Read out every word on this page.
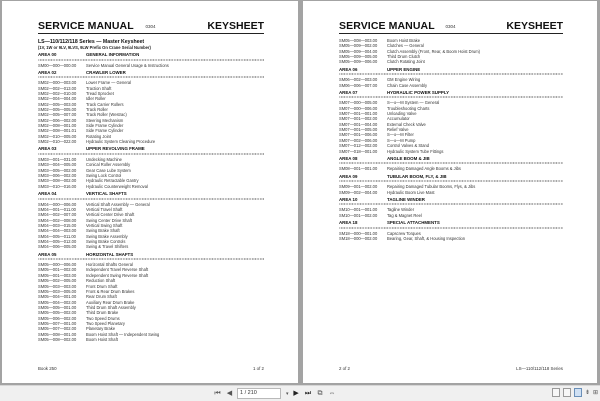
SERVICE MANUAL	0304	KEYSHEET
LS—110/112/118 Series — Master Keysheet
(1V, 1W or 9LV, 9LVS, 9LW Prefix On Crane Serial Number)
AREA 00	GENERAL INFORMATION
SM00—000—000.00	Service Manual General Usage & Instructions
AREA 02	CRAWLER LOWER
SM02—000—003.00	Lower Frame — General
SM02—002—013.00	Traction Shaft
SM02—002—010.00	Tread Sprocket
SM02—004—004.00	Idler Roller
SM02—005—003.00	Track Carrier Rollers
SM02—005—005.00	Track Roller
SM02—005—007.00	Track Roller (Westrac)
SM02—006—002.00	Steering Mechanism
SM02—008—001.00	Side Frame Cylinder
SM02—008—001.01	Side Frame Cylinder
SM02—010—005.00	Rotating Joint
SM02—010—022.00	Hydraulic System Cleaning Procedure
AREA 03	UPPER REVOLVING FRAME
SM03—001—031.00	Undecking Machine
SM03—004—005.00	Conical Roller Assembly
SM03—005—002.00	Gear Case Lube System
SM03—006—002.00	Swing Lock Control
SM03—008—002.00	Hydraulic Retractable Gantry
SM03—010—016.00	Hydraulic Counterweight Removal
AREA 04	VERTICAL SHAFTS
SM04—000—006.00	Vertical Shaft Assembly — General
SM04—001—011.00	Vertical Travel Shaft
SM04—002—007.00	Vertical Center Drive Shaft
SM04—002—008.00	Swing Center Drive Shaft
SM04—003—015.00	Vertical Swing Shaft
SM04—004—003.00	Swing Brake Shaft
SM04—005—011.00	Swing Brake Assembly
SM04—005—012.00	Swing Brake Controls
SM04—006—005.00	Swing & Travel Shifters
AREA 05	HORIZONTAL SHAFTS
SM05—000—006.00	Horizontal Shafts General
SM05—001—002.00	Independent Travel Reverse Shaft
SM05—001—003.00	Independent Swing Reverse Shaft
SM05—002—005.00	Reduction Shaft
SM05—003—003.00	Front Drum Shaft
SM05—003—005.00	Front & Rear Drum Brakes
SM05—004—001.00	Rear Drum Shaft
SM05—004—002.00	Auxiliary Rear Drum Brake
SM05—005—001.00	Third Drum Shaft Assembly
SM05—005—002.00	Third Drum Brake
SM05—006—002.00	Two Speed Drums
SM05—007—001.00	Two Speed Planetary
SM05—007—002.00	Planetary Brake
SM05—008—001.00	Boom Hoist Shaft — Independent Swing
SM05—008—002.00	Boom Hoist Shaft
Book 250	1 of 2
SERVICE MANUAL 0304	KEYSHEET
SM05—008—003.00	Boom Hoist Brake
SM05—009—002.00	Clutches — General
SM05—009—004.00	Clutch Assembly (Front, Rear, & Boom Hoist Drum)
SM05—009—005.00	Third Drum Clutch
SM05—009—006.00	Clutch Rotating Joint
AREA 06	UPPER ENGINE
SM06—002—003.00	GM Engine Wiring
SM06—006—007.00	Chain Case Assembly
AREA 07	HYDRAULIC POWER SUPPLY
SM07—000—005.00	S—o—M System — General
SM07—000—006.00	Troubleshooting Charts
SM07—001—001.00	Unloading Valve
SM07—001—002.00	Accumulator
SM07—001—004.00	External Check Valve
SM07—001—005.00	Relief Valve
SM07—001—006.00	S—o—M Filter
SM07—002—006.00	S—o—M Pump
SM07—012—002.00	Control Valves & Stand
SM07—018—001.00	Hydraulic System Tube Fittings
AREA 08	ANGLE BOOM & JIB
SM08—001—001.00	Repairing Damaged Angle Booms & Jibs
AREA 09	TUBULAR BOOM, FLY, & JIB
SM09—001—002.00	Repairing Damaged Tubular Booms, Flys, & Jibs
SM09—002—004.00	Hydraulic Boom Live Mast
AREA 10	TAGLINE WINDER
SM10—001—001.00	Tagline Winder
SM10—001—002.00	Tag & Magnet Reel
AREA 18	SPECIAL ATTACHMENTS
SM18—000—001.00	Capscrew Torques
SM18—000—002.00	Bearing, Gear, Shaft, & Housing Inspection
2 of 2	LS—110/112/118 Series
⏮ ◀	1 / 210	▾ ▶ ⏭ ⧉ ⇔	⇟ ⊞
